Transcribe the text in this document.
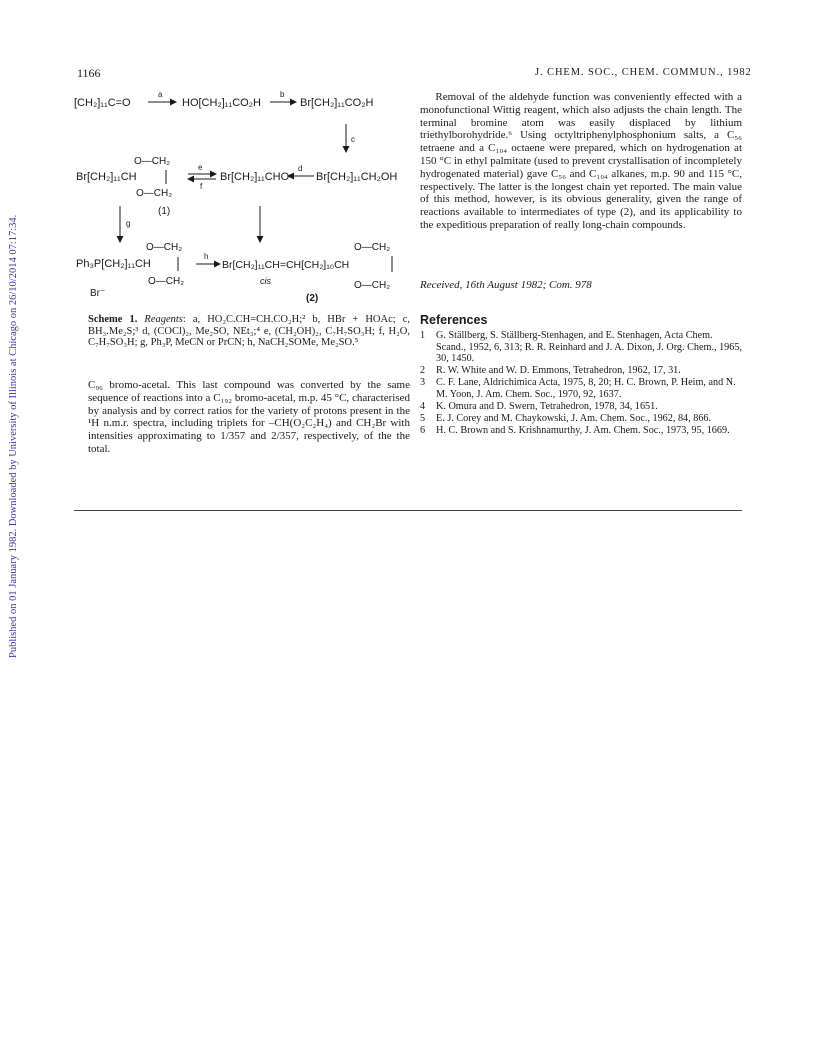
1166	J. CHEM. SOC., CHEM. COMMUN., 1982
Published on 01 January 1982. Downloaded by University of Illinois at Chicago on 26/10/2014 07:17:34.
[CH₂]₁₁C=O
a
HO[CH₂]₁₁CO₂H
b
Br[CH₂]₁₁CO₂H
c
O—CH₂
Br[CH₂]₁₁CH
O—CH₂
e
f
Br[CH₂]₁₁CHO
d
Br[CH₂]₁₁CH₂OH
g
(1)
O—CH₂
Ph₃P[CH₂]₁₁CH
O—CH₂
Br⁻
h
Br[CH₂]₁₁CH=CH[CH₂]₁₀CH
O—CH₂
O—CH₂
cis
(2)
Scheme 1. Reagents: a, HO₂C.CH=CH.CO₂H;² b, HBr + HOAc; c, BH₃.Me₂S;³ d, (COCl)₂, Me₂SO, NEt₃;⁴ e, (CH₂OH)₂, C₇H₇SO₃H; f, H₂O, C₇H₇SO₃H; g, Ph₃P, MeCN or PrCN; h, NaCH₂SOMe, Me₂SO.⁵
C₉₆ bromo-acetal. This last compound was converted by the same sequence of reactions into a C₁₉₂ bromo-acetal, m.p. 45 °C, characterised by analysis and by correct ratios for the variety of protons present in the ¹H n.m.r. spectra, including triplets for –CH(O₂C₂H₄) and CH₂Br with intensities approximating to 1/357 and 2/357, respectively, of the the total.
Removal of the aldehyde function was conveniently effected with a monofunctional Wittig reagent, which also adjusts the chain length. The terminal bromine atom was easily displaced by lithium triethylborohydride.⁶ Using octyltriphenylphosphonium salts, a C₅₆ tetraene and a C₁₀₄ octaene were prepared, which on hydrogenation at 150 °C in ethyl palmitate (used to prevent crystallisation of incompletely hydrogenated material) gave C₅₆ and C₁₀₄ alkanes, m.p. 90 and 115 °C, respectively. The latter is the longest chain yet reported. The main value of this method, however, is its obvious generality, given the range of reactions available to intermediates of type (2), and its applicability to the expeditious preparation of really long-chain compounds.
Received, 16th August 1982; Com. 978
References
1 G. Ställberg, S. Ställberg-Stenhagen, and E. Stenhagen, Acta Chem. Scand., 1952, 6, 313; R. R. Reinhard and J. A. Dixon, J. Org. Chem., 1965, 30, 1450.
2 R. W. White and W. D. Emmons, Tetrahedron, 1962, 17, 31.
3 C. F. Lane, Aldrichimica Acta, 1975, 8, 20; H. C. Brown, P. Heim, and N. M. Yoon, J. Am. Chem. Soc., 1970, 92, 1637.
4 K. Omura and D. Swern, Tetrahedron, 1978, 34, 1651.
5 E. J. Corey and M. Chaykowski, J. Am. Chem. Soc., 1962, 84, 866.
6 H. C. Brown and S. Krishnamurthy, J. Am. Chem. Soc., 1973, 95, 1669.
